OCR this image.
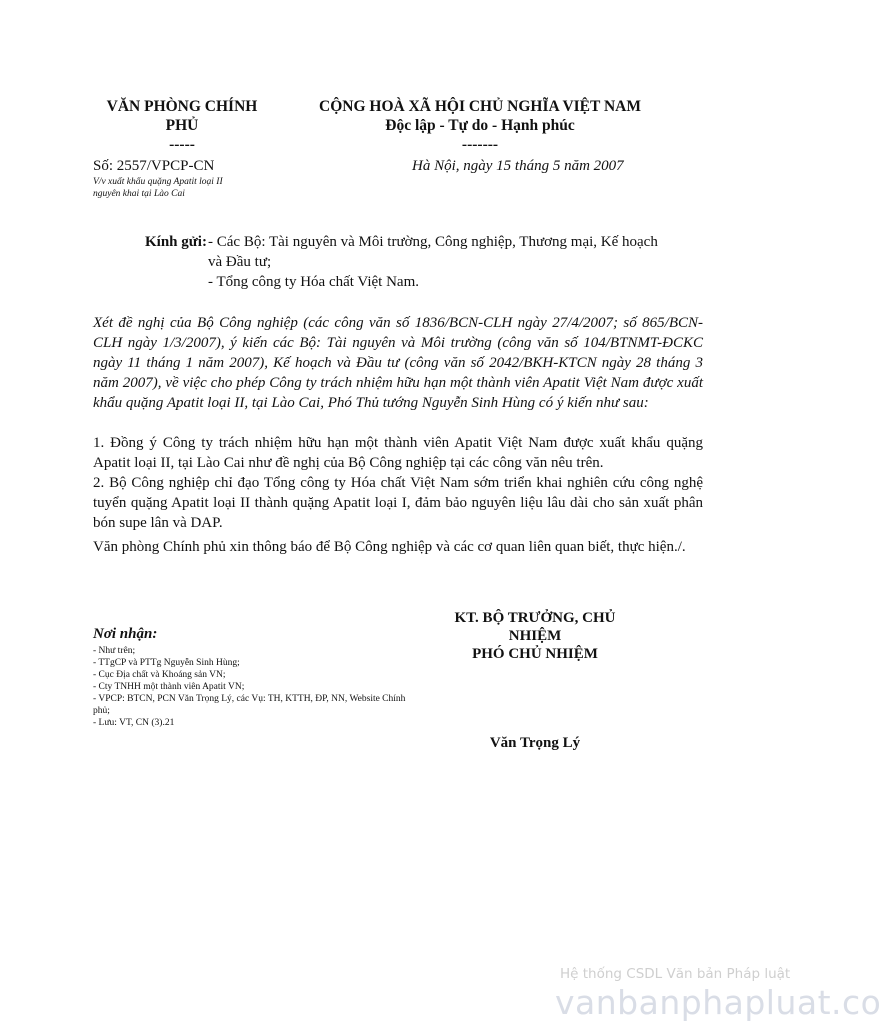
VĂN PHÒNG CHÍNH
PHỦ
-----
CỘNG HOÀ XÃ HỘI CHỦ NGHĨA VIỆT NAM
Độc lập - Tự do - Hạnh phúc
-------
Số: 2557/VPCP-CN
V/v xuất khẩu quặng Apatit loại II
nguyên khai tại Lào Cai
Hà Nội, ngày 15 tháng 5 năm 2007
Kính gửi: - Các Bộ: Tài nguyên và Môi trường, Công nghiệp, Thương mại, Kế hoạch và Đầu tư;
- Tổng công ty Hóa chất Việt Nam.

Xét đề nghị của Bộ Công nghiệp (các công văn số 1836/BCN-CLH ngày 27/4/2007; số 865/BCN-CLH ngày 1/3/2007), ý kiến các Bộ: Tài nguyên và Môi trường (công văn số 104/BTNMT-ĐCKC ngày 11 tháng 1 năm 2007), Kế hoạch và Đầu tư (công văn số 2042/BKH-KTCN ngày 28 tháng 3 năm 2007), về việc cho phép Công ty trách nhiệm hữu hạn một thành viên Apatit Việt Nam được xuất khẩu quặng Apatit loại II, tại Lào Cai, Phó Thủ tướng Nguyễn Sinh Hùng có ý kiến như sau:

1. Đồng ý Công ty trách nhiệm hữu hạn một thành viên Apatit Việt Nam được xuất khẩu quặng Apatit loại II, tại Lào Cai như đề nghị của Bộ Công nghiệp tại các công văn nêu trên.

2. Bộ Công nghiệp chỉ đạo Tổng công ty Hóa chất Việt Nam sớm triển khai nghiên cứu công nghệ tuyển quặng Apatit loại II thành quặng Apatit loại I, đảm bảo nguyên liệu lâu dài cho sản xuất phân bón supe lân và DAP.

Văn phòng Chính phủ xin thông báo để Bộ Công nghiệp và các cơ quan liên quan biết, thực hiện./.

KT. BỘ TRƯỞNG, CHỦ
NHIỆM
PHÓ CHỦ NHIỆM
Văn Trọng Lý
Nơi nhận:
- Như trên;
- TTgCP và PTTg Nguyễn Sinh Hùng;
- Cục Địa chất và Khoáng sản VN;
- Cty TNHH một thành viên Apatit VN;
- VPCP: BTCN, PCN Văn Trọng Lý, các Vụ: TH, KTTH, ĐP, NN, Website Chính phủ;
- Lưu: VT, CN (3).21
Hệ thống CSDL Văn bản Pháp luật
vanbanphapluat.co
